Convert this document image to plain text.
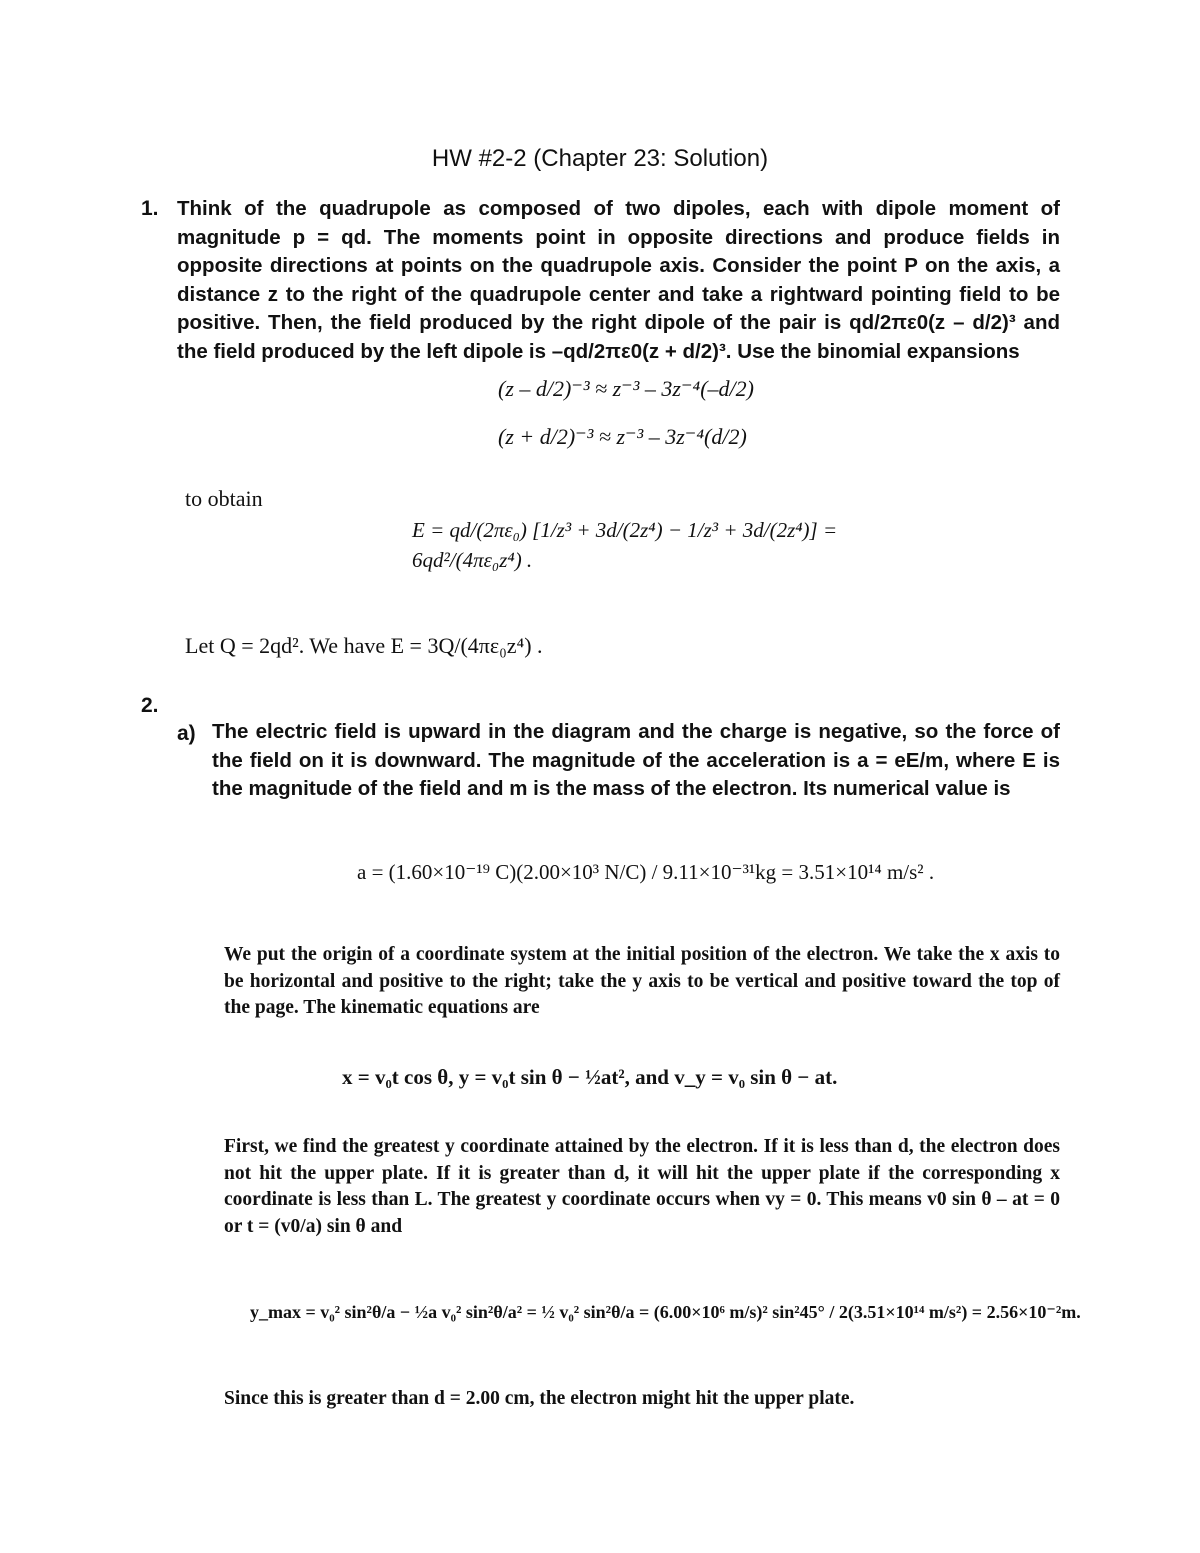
HW #2-2 (Chapter 23: Solution)
1. Think of the quadrupole as composed of two dipoles, each with dipole moment of magnitude p = qd. The moments point in opposite directions and produce fields in opposite directions at points on the quadrupole axis. Consider the point P on the axis, a distance z to the right of the quadrupole center and take a rightward pointing field to be positive. Then, the field produced by the right dipole of the pair is qd/2πε0(z – d/2)³ and the field produced by the left dipole is –qd/2πε0(z + d/2)³. Use the binomial expansions
(z – d/2)⁻³ ≈ z⁻³ – 3z⁻⁴(–d/2)
(z + d/2)⁻³ ≈ z⁻³ – 3z⁻⁴(d/2)
to obtain
E = qd/(2πε₀) [1/z³ + 3d/(2z⁴) − 1/z³ + 3d/(2z⁴)] = 6qd²/(4πε₀z⁴) .
Let Q = 2qd². We have E = 3Q/(4πε₀z⁴) .
2.
a) The electric field is upward in the diagram and the charge is negative, so the force of the field on it is downward. The magnitude of the acceleration is a = eE/m, where E is the magnitude of the field and m is the mass of the electron. Its numerical value is
a = (1.60×10⁻¹⁹ C)(2.00×10³ N/C) / 9.11×10⁻³¹kg = 3.51×10¹⁴ m/s² .
We put the origin of a coordinate system at the initial position of the electron. We take the x axis to be horizontal and positive to the right; take the y axis to be vertical and positive toward the top of the page. The kinematic equations are
x = v₀t cos θ, y = v₀t sin θ − ½at², and v_y = v₀ sin θ − at.
First, we find the greatest y coordinate attained by the electron. If it is less than d, the electron does not hit the upper plate. If it is greater than d, it will hit the upper plate if the corresponding x coordinate is less than L. The greatest y coordinate occurs when vy = 0. This means v0 sin θ – at = 0 or t = (v0/a) sin θ and
y_max = v₀² sin²θ/a − ½a v₀² sin²θ/a² = ½ v₀² sin²θ/a = (6.00×10⁶ m/s)² sin²45° / 2(3.51×10¹⁴ m/s²) = 2.56×10⁻²m.
Since this is greater than d = 2.00 cm, the electron might hit the upper plate.
